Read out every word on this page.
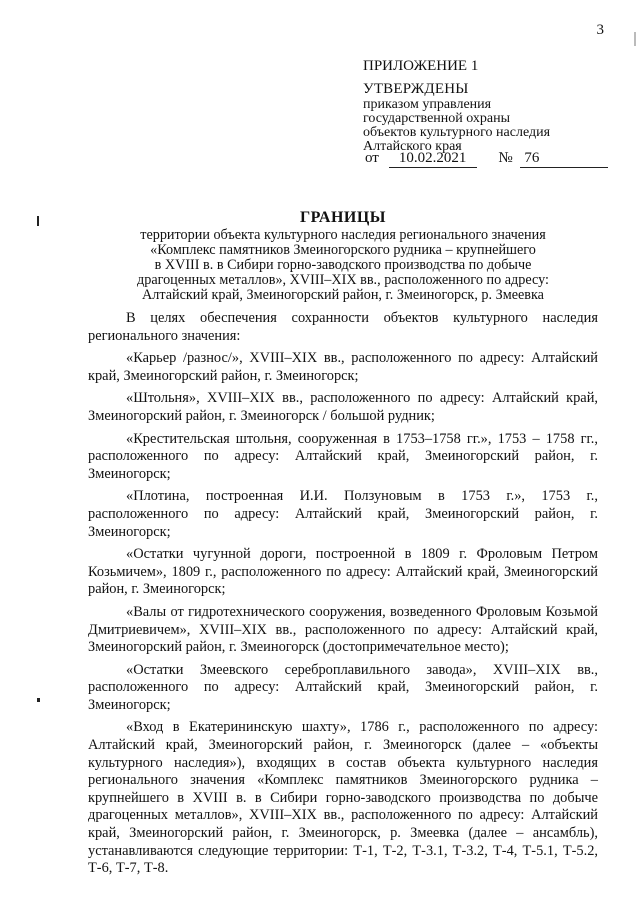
3
ПРИЛОЖЕНИЕ 1
УТВЕРЖДЕНЫ
приказом управления
государственной охраны
объектов культурного наследия
Алтайского края
от 10.02.2021 № 76
ГРАНИЦЫ
территории объекта культурного наследия регионального значения
«Комплекс памятников Змеиногорского рудника – крупнейшего
в XVIII в. в Сибири горно-заводского производства по добыче
драгоценных металлов», XVIII–XIX вв., расположенного по адресу:
Алтайский край, Змеиногорский район, г. Змеиногорск, р. Змеевка

В целях обеспечения сохранности объектов культурного наследия регионального значения:

«Карьер /разнос/», XVIII–XIX вв., расположенного по адресу: Алтайский край, Змеиногорский район, г. Змеиногорск;

«Штольня», XVIII–XIX вв., расположенного по адресу: Алтайский край, Змеиногорский район, г. Змеиногорск / большой рудник;

«Крестительская штольня, сооруженная в 1753–1758 гг.», 1753 – 1758 гг., расположенного по адресу: Алтайский край, Змеиногорский район, г. Змеиногорск;

«Плотина, построенная И.И. Ползуновым в 1753 г.», 1753 г., расположенного по адресу: Алтайский край, Змеиногорский район, г. Змеиногорск;

«Остатки чугунной дороги, построенной в 1809 г. Фроловым Петром Козьмичем», 1809 г., расположенного по адресу: Алтайский край, Змеиногорский район, г. Змеиногорск;

«Валы от гидротехнического сооружения, возведенного Фроловым Козьмой Дмитриевичем», XVIII–XIX вв., расположенного по адресу: Алтайский край, Змеиногорский район, г. Змеиногорск (достопримечательное место);

«Остатки Змеевского сереброплавильного завода», XVIII–XIX вв., расположенного по адресу: Алтайский край, Змеиногорский район, г. Змеиногорск;

«Вход в Екатерининскую шахту», 1786 г., расположенного по адресу: Алтайский край, Змеиногорский район, г. Змеиногорск (далее – «объекты культурного наследия»), входящих в состав объекта культурного наследия регионального значения «Комплекс памятников Змеиногорского рудника – крупнейшего в XVIII в. в Сибири горно-заводского производства по добыче драгоценных металлов», XVIII–XIX вв., расположенного по адресу: Алтайский край, Змеиногорский район, г. Змеиногорск, р. Змеевка (далее – ансамбль), устанавливаются следующие территории: Т-1, Т-2, Т-3.1, Т-3.2, Т-4, Т-5.1, Т-5.2, Т-6, Т-7, Т-8.
